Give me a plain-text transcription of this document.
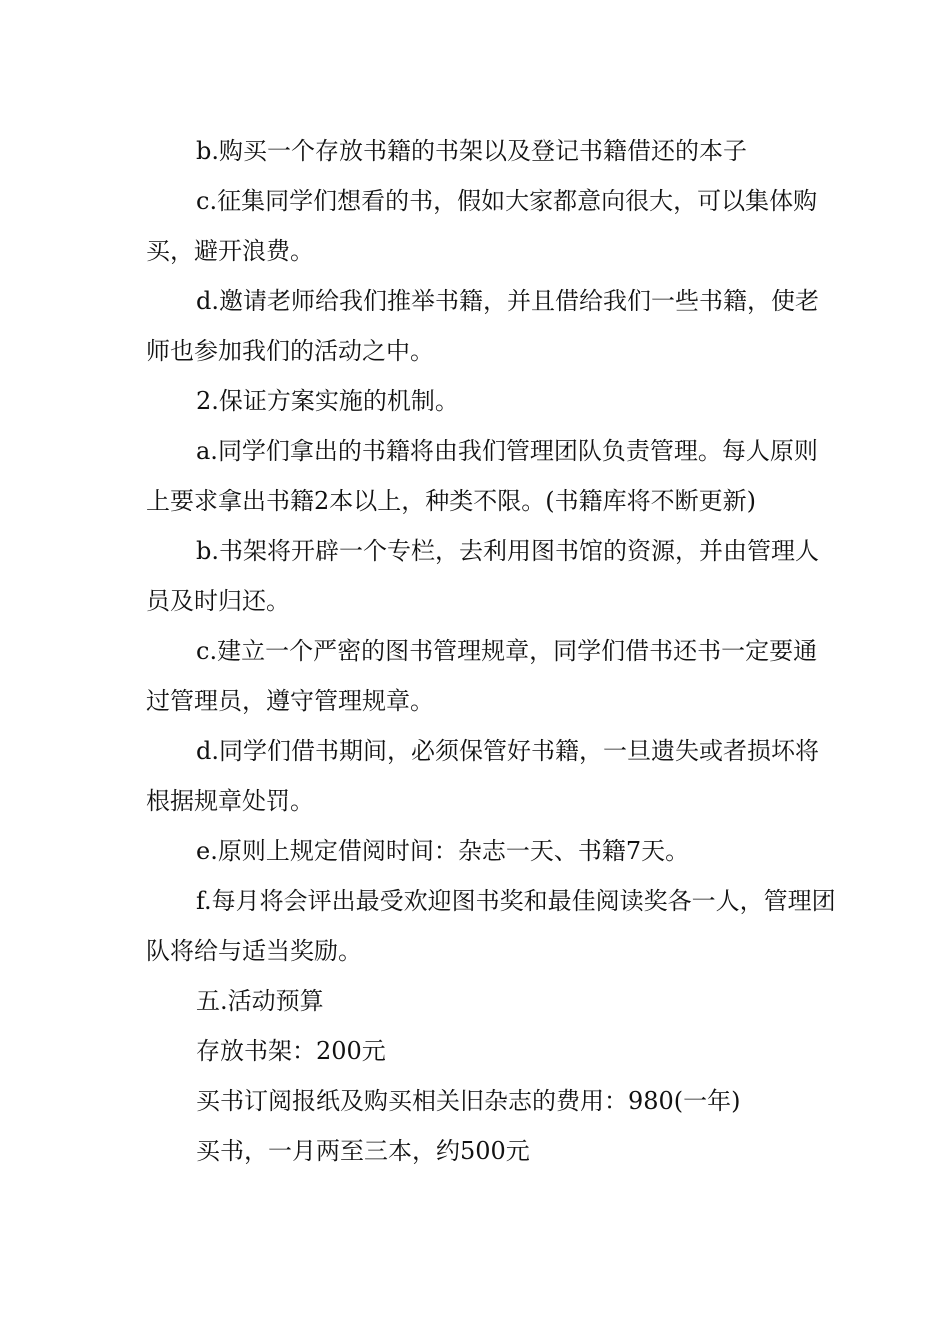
b.购买一个存放书籍的书架以及登记书籍借还的本子

c.征集同学们想看的书，假如大家都意向很大，可以集体购买，避开浪费。

d.邀请老师给我们推举书籍，并且借给我们一些书籍，使老师也参加我们的活动之中。

2.保证方案实施的机制。

a.同学们拿出的书籍将由我们管理团队负责管理。每人原则上要求拿出书籍2本以上，种类不限。(书籍库将不断更新)

b.书架将开辟一个专栏，去利用图书馆的资源，并由管理人员及时归还。

c.建立一个严密的图书管理规章，同学们借书还书一定要通过管理员，遵守管理规章。

d.同学们借书期间，必须保管好书籍，一旦遗失或者损坏将根据规章处罚。

e.原则上规定借阅时间：杂志一天、书籍7天。

f.每月将会评出最受欢迎图书奖和最佳阅读奖各一人，管理团队将给与适当奖励。

五.活动预算

存放书架：200元

买书订阅报纸及购买相关旧杂志的费用：980(一年)

买书，一月两至三本，约500元
